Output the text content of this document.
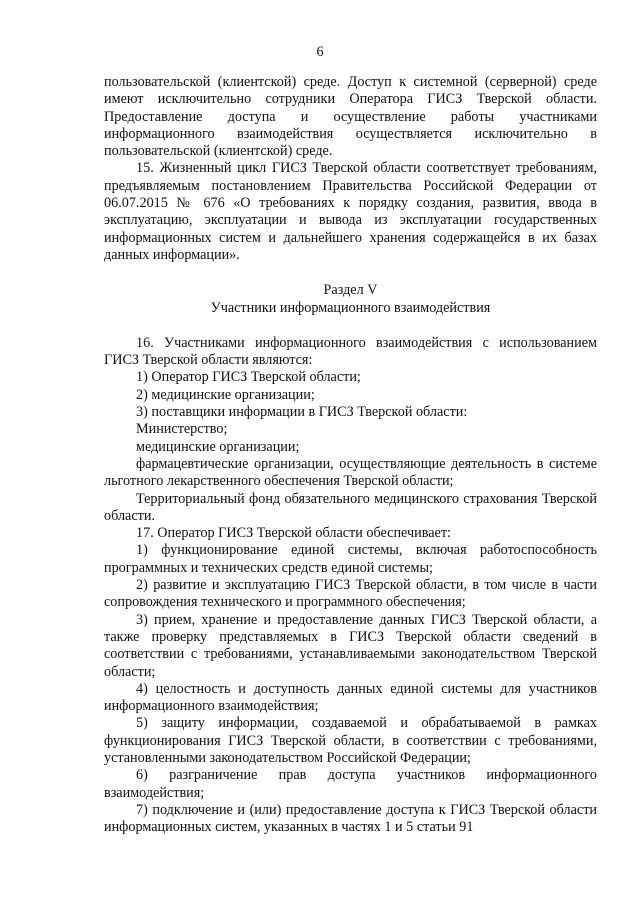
6

пользовательской (клиентской) среде. Доступ к системной (серверной) среде имеют исключительно сотрудники Оператора ГИСЗ Тверской области. Предоставление доступа и осуществление работы участниками информационного взаимодействия осуществляется исключительно в пользовательской (клиентской) среде.

15. Жизненный цикл ГИСЗ Тверской области соответствует требованиям, предъявляемым постановлением Правительства Российской Федерации от 06.07.2015 № 676 «О требованиях к порядку создания, развития, ввода в эксплуатацию, эксплуатации и вывода из эксплуатации государственных информационных систем и дальнейшего хранения содержащейся в их базах данных информации».

Раздел V

Участники информационного взаимодействия

16. Участниками информационного взаимодействия с использованием ГИСЗ Тверской области являются:

1) Оператор ГИСЗ Тверской области;

2) медицинские организации;

3) поставщики информации в ГИСЗ Тверской области:

Министерство;

медицинские организации;

фармацевтические организации, осуществляющие деятельность в системе льготного лекарственного обеспечения Тверской области;

Территориальный фонд обязательного медицинского страхования Тверской области.

17. Оператор ГИСЗ Тверской области обеспечивает:

1) функционирование единой системы, включая работоспособность программных и технических средств единой системы;

2) развитие и эксплуатацию ГИСЗ Тверской области, в том числе в части сопровождения технического и программного обеспечения;

3) прием, хранение и предоставление данных ГИСЗ Тверской области, а также проверку представляемых в ГИСЗ Тверской области сведений в соответствии с требованиями, устанавливаемыми законодательством Тверской области;

4) целостность и доступность данных единой системы для участников информационного взаимодействия;

5) защиту информации, создаваемой и обрабатываемой в рамках функционирования ГИСЗ Тверской области, в соответствии с требованиями, установленными законодательством Российской Федерации;

6) разграничение прав доступа участников информационного взаимодействия;

7) подключение и (или) предоставление доступа к ГИСЗ Тверской области информационных систем, указанных в частях 1 и 5 статьи 91
